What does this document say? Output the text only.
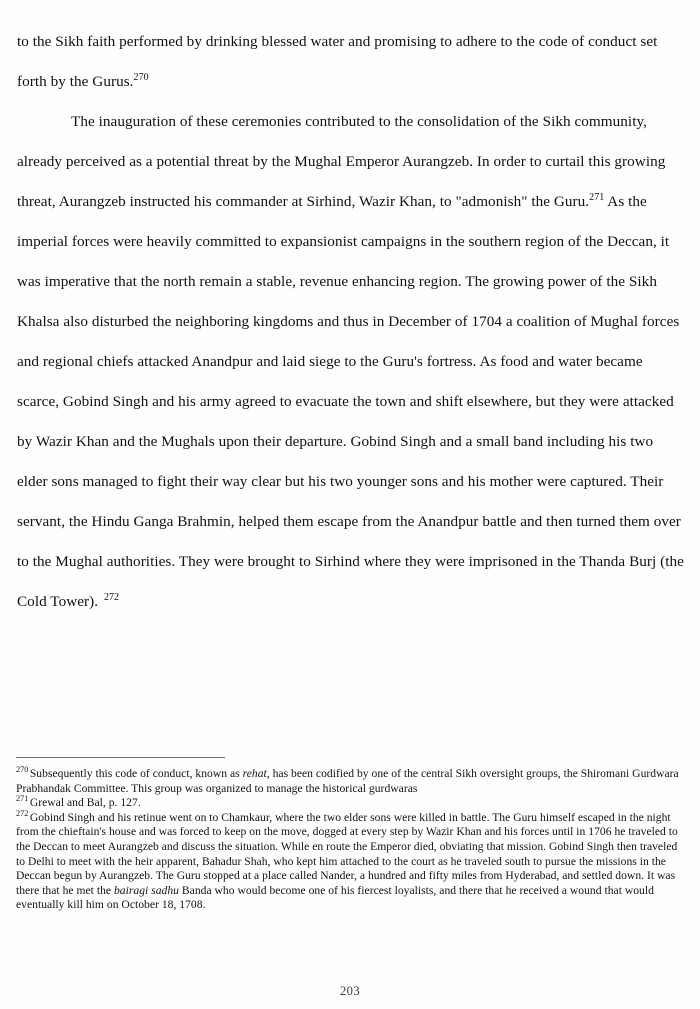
to the Sikh faith performed by drinking blessed water and promising to adhere to the code of conduct set forth by the Gurus.$^{270}$

The inauguration of these ceremonies contributed to the consolidation of the Sikh community, already perceived as a potential threat by the Mughal Emperor Aurangzeb. In order to curtail this growing threat, Aurangzeb instructed his commander at Sirhind, Wazir Khan, to "admonish" the Guru.$^{271}$ As the imperial forces were heavily committed to expansionist campaigns in the southern region of the Deccan, it was imperative that the north remain a stable, revenue enhancing region. The growing power of the Sikh Khalsa also disturbed the neighboring kingdoms and thus in December of 1704 a coalition of Mughal forces and regional chiefs attacked Anandpur and laid siege to the Guru's fortress. As food and water became scarce, Gobind Singh and his army agreed to evacuate the town and shift elsewhere, but they were attacked by Wazir Khan and the Mughals upon their departure. Gobind Singh and a small band including his two elder sons managed to fight their way clear but his two younger sons and his mother were captured. Their servant, the Hindu Ganga Brahmin, helped them escape from the Anandpur battle and then turned them over to the Mughal authorities. They were brought to Sirhind where they were imprisoned in the Thanda Burj (the Cold Tower). $^{272}$

$^{270}$ Subsequently this code of conduct, known as rehat, has been codified by one of the central Sikh oversight groups, the Shiromani Gurdwara Prabhandak Committee. This group was organized to manage the historical gurdwaras

$^{271}$ Grewal and Bal, p. 127.

$^{272}$ Gobind Singh and his retinue went on to Chamkaur, where the two elder sons were killed in battle. The Guru himself escaped in the night from the chieftain's house and was forced to keep on the move, dogged at every step by Wazir Khan and his forces until in 1706 he traveled to the Deccan to meet Aurangzeb and discuss the situation. While en route the Emperor died, obviating that mission. Gobind Singh then traveled to Delhi to meet with the heir apparent, Bahadur Shah, who kept him attached to the court as he traveled south to pursue the missions in the Deccan begun by Aurangzeb. The Guru stopped at a place called Nander, a hundred and fifty miles from Hyderabad, and settled down. It was there that he met the bairagi sadhu Banda who would become one of his fiercest loyalists, and there that he received a wound that would eventually kill him on October 18, 1708.

203
